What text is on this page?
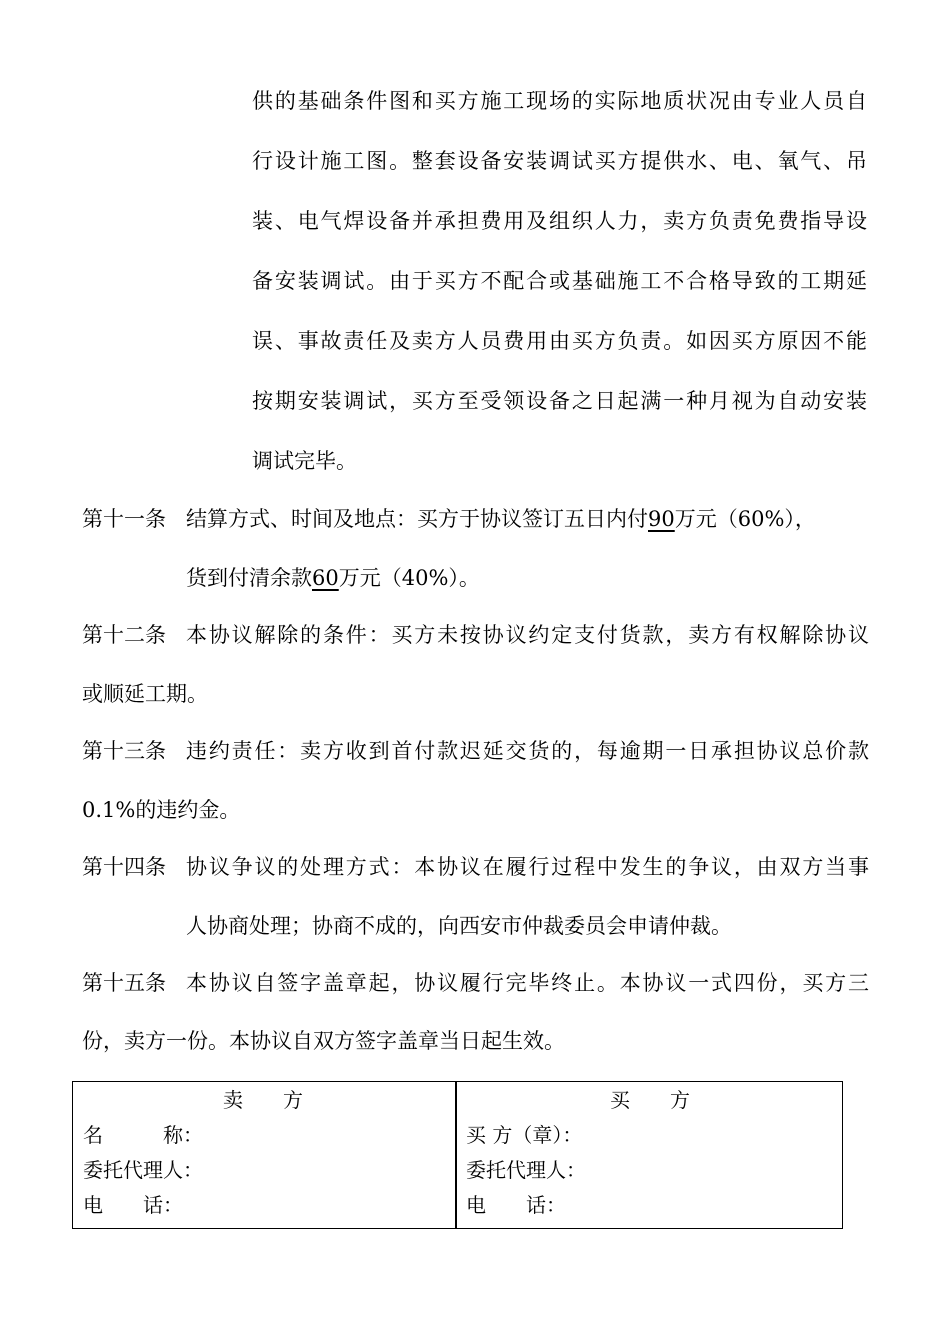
供的基础条件图和买方施工现场的实际地质状况由专业人员自
行设计施工图。整套设备安装调试买方提供水、电、氧气、吊
装、电气焊设备并承担费用及组织人力，卖方负责免费指导设
备安装调试。由于买方不配合或基础施工不合格导致的工期延
误、事故责任及卖方人员费用由买方负责。如因买方原因不能
按期安装调试，买方至受领设备之日起满一种月视为自动安装
调试完毕。
第十一条 结算方式、时间及地点：买方于协议签订五日内付90万元（60%），
货到付清余款60万元（40%）。
第十二条 本协议解除的条件：买方未按协议约定支付货款，卖方有权解除协议
或顺延工期。
第十三条 违约责任：卖方收到首付款迟延交货的，每逾期一日承担协议总价款
0.1%的违约金。
第十四条 协议争议的处理方式：本协议在履行过程中发生的争议，由双方当事
人协商处理；协商不成的，向西安市仲裁委员会申请仲裁。
第十五条 本协议自签字盖章起，协议履行完毕终止。本协议一式四份，买方三
份，卖方一份。本协议自双方签字盖章当日起生效。
卖　　方
名　　　称：
委托代理人：
电　　话：
买　　方
买 方（章）：
委托代理人：
电　　话：
